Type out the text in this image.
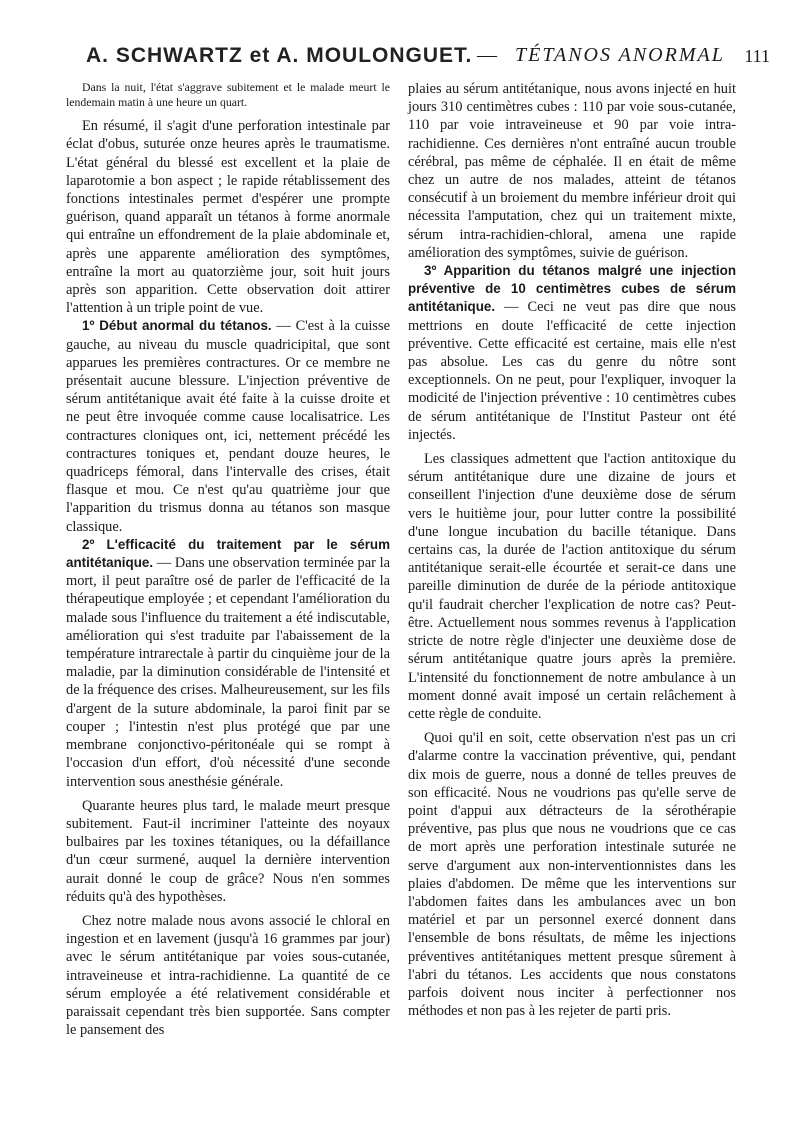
A. SCHWARTZ et A. MOULONGUET. — TÉTANOS ANORMAL 111

Dans la nuit, l'état s'aggrave subitement et le malade meurt le lendemain matin à une heure un quart.

En résumé, il s'agit d'une perforation intestinale par éclat d'obus, suturée onze heures après le traumatisme. L'état général du blessé est excellent et la plaie de laparotomie a bon aspect ; le rapide rétablissement des fonctions intestinales permet d'espérer une prompte guérison, quand apparaît un tétanos à forme anormale qui entraîne un effondrement de la plaie abdominale et, après une apparente amélioration des symptômes, entraîne la mort au quatorzième jour, soit huit jours après son apparition. Cette observation doit attirer l'attention à un triple point de vue.

1º Début anormal du tétanos. — C'est à la cuisse gauche, au niveau du muscle quadricipital, que sont apparues les premières contractures. Or ce membre ne présentait aucune blessure. L'injection préventive de sérum antitétanique avait été faite à la cuisse droite et ne peut être invoquée comme cause localisatrice. Les contractures cloniques ont, ici, nettement précédé les contractures toniques et, pendant douze heures, le quadriceps fémoral, dans l'intervalle des crises, était flasque et mou. Ce n'est qu'au quatrième jour que l'apparition du trismus donna au tétanos son masque classique.

2º L'efficacité du traitement par le sérum antitétanique. — Dans une observation terminée par la mort, il peut paraître osé de parler de l'efficacité de la thérapeutique employée ; et cependant l'amélioration du malade sous l'influence du traitement a été indiscutable, amélioration qui s'est traduite par l'abaissement de la température intrarectale à partir du cinquième jour de la maladie, par la diminution considérable de l'intensité et de la fréquence des crises. Malheureusement, sur les fils d'argent de la suture abdominale, la paroi finit par se couper ; l'intestin n'est plus protégé que par une membrane conjonctivo-péritonéale qui se rompt à l'occasion d'un effort, d'où nécessité d'une seconde intervention sous anesthésie générale.

Quarante heures plus tard, le malade meurt presque subitement. Faut-il incriminer l'atteinte des noyaux bulbaires par les toxines tétaniques, ou la défaillance d'un cœur surmené, auquel la dernière intervention aurait donné le coup de grâce? Nous n'en sommes réduits qu'à des hypothèses.

Chez notre malade nous avons associé le chloral en ingestion et en lavement (jusqu'à 16 grammes par jour) avec le sérum antitétanique par voies sous-cutanée, intraveineuse et intra-rachidienne. La quantité de ce sérum employée a été relativement considérable et paraissait cependant très bien supportée. Sans compter le pansement des

plaies au sérum antitétanique, nous avons injecté en huit jours 310 centimètres cubes : 110 par voie sous-cutanée, 110 par voie intraveineuse et 90 par voie intra-rachidienne. Ces dernières n'ont entraîné aucun trouble cérébral, pas même de céphalée. Il en était de même chez un autre de nos malades, atteint de tétanos consécutif à un broiement du membre inférieur droit qui nécessita l'amputation, chez qui un traitement mixte, sérum intra-rachidien-chloral, amena une rapide amélioration des symptômes, suivie de guérison.

3º Apparition du tétanos malgré une injection préventive de 10 centimètres cubes de sérum antitétanique. — Ceci ne veut pas dire que nous mettrions en doute l'efficacité de cette injection préventive. Cette efficacité est certaine, mais elle n'est pas absolue. Les cas du genre du nôtre sont exceptionnels. On ne peut, pour l'expliquer, invoquer la modicité de l'injection préventive : 10 centimètres cubes de sérum antitétanique de l'Institut Pasteur ont été injectés.

Les classiques admettent que l'action antitoxique du sérum antitétanique dure une dizaine de jours et conseillent l'injection d'une deuxième dose de sérum vers le huitième jour, pour lutter contre la possibilité d'une longue incubation du bacille tétanique. Dans certains cas, la durée de l'action antitoxique du sérum antitétanique serait-elle écourtée et serait-ce dans une pareille diminution de durée de la période antitoxique qu'il faudrait chercher l'explication de notre cas? Peut-être. Actuellement nous sommes revenus à l'application stricte de notre règle d'injecter une deuxième dose de sérum antitétanique quatre jours après la première. L'intensité du fonctionnement de notre ambulance à un moment donné avait imposé un certain relâchement à cette règle de conduite.

Quoi qu'il en soit, cette observation n'est pas un cri d'alarme contre la vaccination préventive, qui, pendant dix mois de guerre, nous a donné de telles preuves de son efficacité. Nous ne voudrions pas qu'elle serve de point d'appui aux détracteurs de la sérothérapie préventive, pas plus que nous ne voudrions que ce cas de mort après une perforation intestinale suturée ne serve d'argument aux non-interventionnistes dans les plaies d'abdomen. De même que les interventions sur l'abdomen faites dans les ambulances avec un bon matériel et par un personnel exercé donnent dans l'ensemble de bons résultats, de même les injections préventives antitétaniques mettent presque sûrement à l'abri du tétanos. Les accidents que nous constatons parfois doivent nous inciter à perfectionner nos méthodes et non pas à les rejeter de parti pris.
